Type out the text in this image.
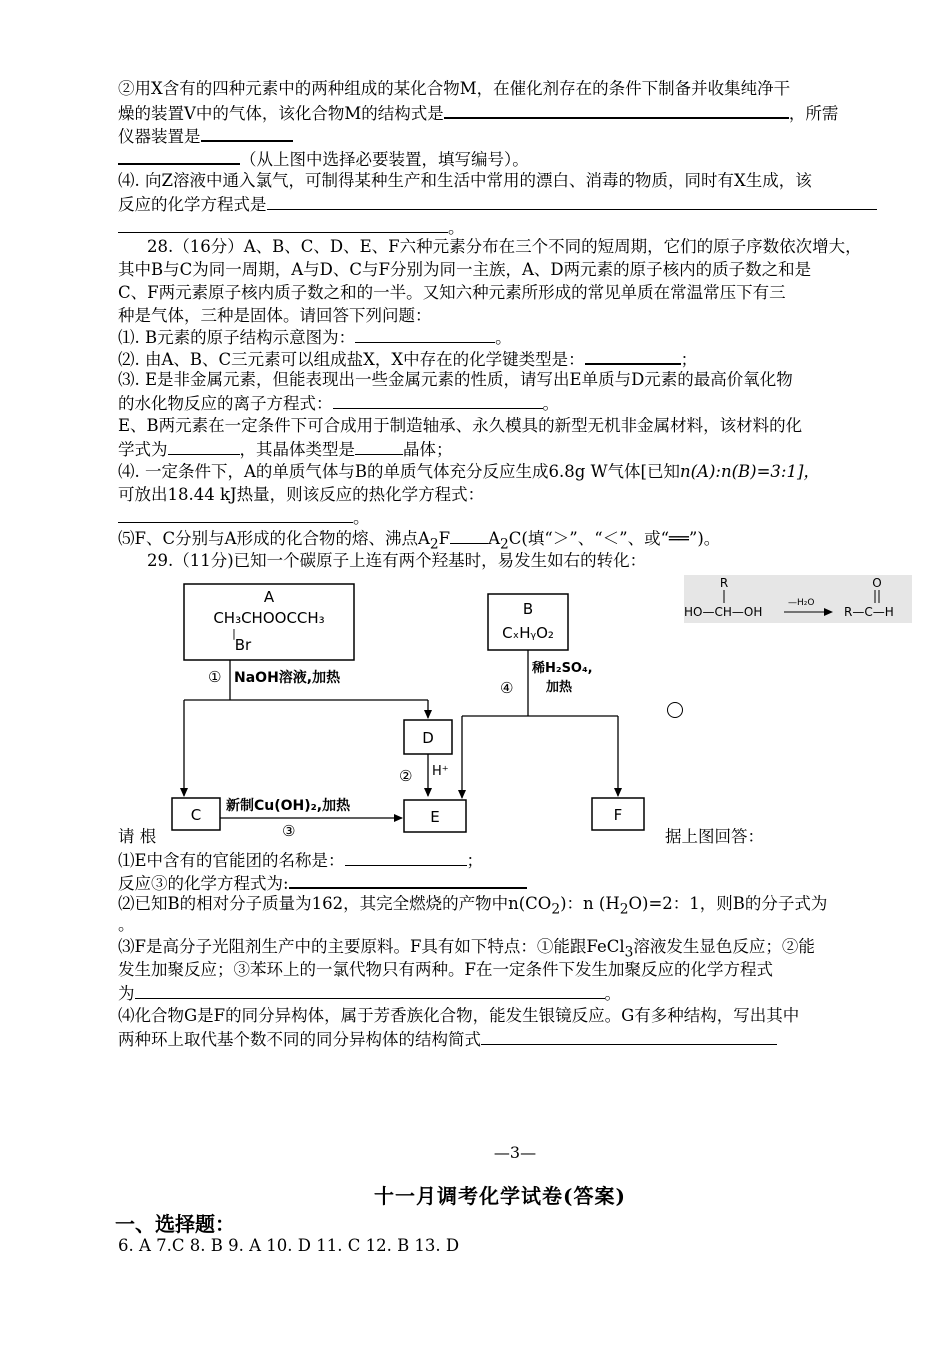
②用X含有的四种元素中的两种组成的某化合物M，在催化剂存在的条件下制备并收集纯净干
燥的装置Ⅴ中的气体，该化合物M的结构式是	，所需
仪器装置是
（从上图中选择必要装置，填写编号）。
⑷. 向Z溶液中通入氯气，可制得某种生产和生活中常用的漂白、消毒的物质，同时有X生成，该
反应的化学方程式是
。
28.（16分）A、B、C、D、E、F六种元素分布在三个不同的短周期，它们的原子序数依次增大，
其中B与C为同一周期，A与D、C与F分别为同一主族，A、D两元素的原子核内的质子数之和是
C、F两元素原子核内质子数之和的一半。又知六种元素所形成的常见单质在常温常压下有三
种是气体，三种是固体。请回答下列问题：
⑴. B元素的原子结构示意图为：	。
⑵. 由A、B、C三元素可以组成盐X，X中存在的化学键类型是：	；
⑶. E是非金属元素，但能表现出一些金属元素的性质，请写出E单质与D元素的最高价氧化物
的水化物反应的离子方程式：	。
E、B两元素在一定条件下可合成用于制造轴承、永久模具的新型无机非金属材料，该材料的化
学式为	，其晶体类型是	晶体；
⑷. 一定条件下，A的单质气体与B的单质气体充分反应生成6.8g W气体[已知n(A):n(B)=3:1]，
可放出18.44 kJ热量，则该反应的热化学方程式：
。
⑸F、C分别与A形成的化合物的熔、沸点$A_2F$ $A_2C$(填“＞”、“＜”、或“══”)。
29.（11分)已知一个碳原子上连有两个羟基时，易发生如右的转化：
A
CH₃CHOOCCH₃
|
Br
B
CₓHᵧO₂
① NaOH溶液,加热
D
② H⁺
C 新制Cu(OH)₂,加热
③
E
④
稀H₂SO₄,
加热
F
R
HO—CH—OH
—H₂O
O
R—C—H
请 根	据上图回答：
⑴E中含有的官能团的名称是：	；
反应③的化学方程式为:
⑵已知B的相对分子质量为162，其完全燃烧的产物中$n(CO_2)$：n $(H_2O)=2$：1，则B的分子式为
。
⑶F是高分子光阻剂生产中的主要原料。F具有如下特点：①能跟FeCl$_3$溶液发生显色反应；②能
发生加聚反应；③苯环上的一氯代物只有两种。F在一定条件下发生加聚反应的化学方程式
为	。
⑷化合物G是F的同分异构体，属于芳香族化合物，能发生银镜反应。G有多种结构，写出其中
两种环上取代基个数不同的同分异构体的结构简式
—3—
十一月调考化学试卷(答案)
一、选择题：
6. A 7.C 8. B 9. A 10. D 11. C 12. B 13. D
